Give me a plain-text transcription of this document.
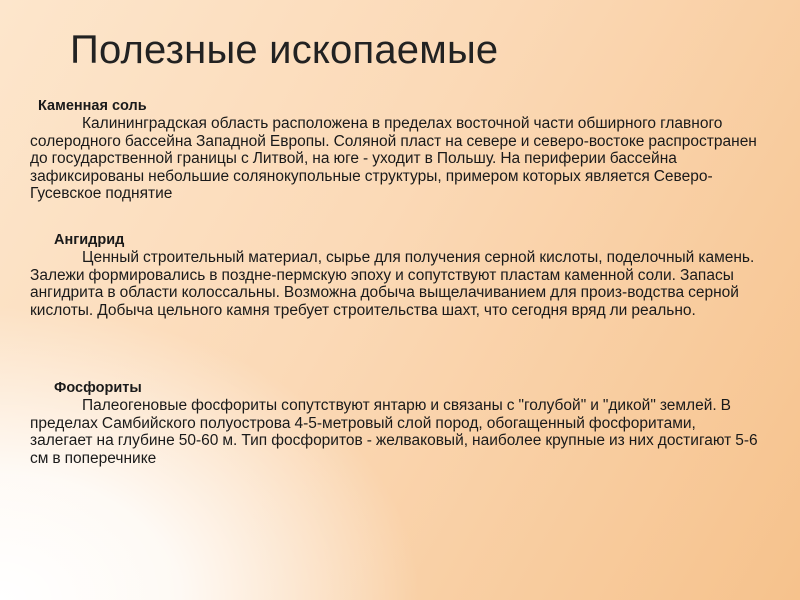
Полезные ископаемые

Каменная соль

Калининградская область расположена в пределах восточной части обширного главного солеродного бассейна Западной Европы. Соляной пласт на севере и северо-востоке распространен до государственной границы с Литвой, на юге - уходит в Польшу. На периферии бассейна зафиксированы небольшие солянокупольные структуры, примером которых является Северо-Гусевское поднятие

Ангидрид

Ценный строительный материал, сырье для получения серной кислоты, поделочный камень. Залежи формировались в поздне-пермскую эпоху и сопутствуют пластам каменной соли. Запасы ангидрита в области колоссальны. Возможна добыча выщелачиванием для произ-водства серной кислоты. Добыча цельного камня требует строительства шахт, что сегодня вряд ли реально.

Фосфориты

Палеогеновые фосфориты сопутствуют янтарю и связаны с "голубой" и "дикой" землей. В пределах Самбийского полуострова 4-5-метровый слой пород, обогащенный фосфоритами, залегает на глубине 50-60 м. Тип фосфоритов - желваковый, наиболее крупные из них достигают 5-6 см в поперечнике
